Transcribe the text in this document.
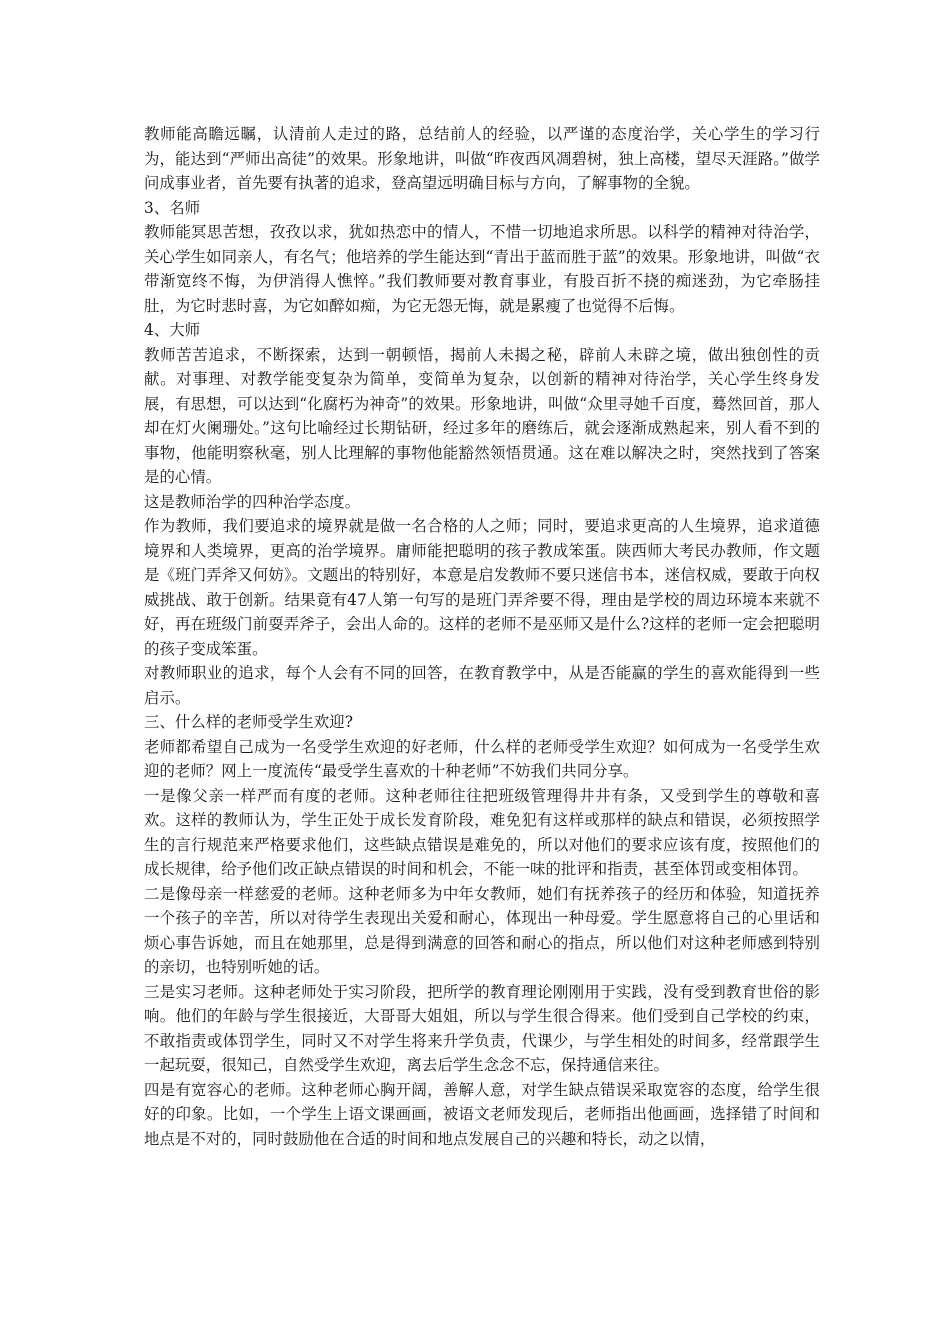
教师能高瞻远瞩，认清前人走过的路，总结前人的经验，以严谨的态度治学，关心学生的学习行为，能达到“严师出高徒”的效果。形象地讲，叫做“昨夜西风凋碧树，独上高楼，望尽天涯路。”做学问成事业者，首先要有执著的追求，登高望远明确目标与方向，了解事物的全貌。

3、名师

教师能冥思苦想，孜孜以求，犹如热恋中的情人，不惜一切地追求所思。以科学的精神对待治学，关心学生如同亲人，有名气；他培养的学生能达到“青出于蓝而胜于蓝”的效果。形象地讲，叫做“衣带渐宽终不悔，为伊消得人憔悴。”我们教师要对教育事业，有股百折不挠的痴迷劲，为它牵肠挂肚，为它时悲时喜，为它如醉如痴，为它无怨无悔，就是累瘦了也觉得不后悔。

4、大师

教师苦苦追求，不断探索，达到一朝顿悟，揭前人未揭之秘，辟前人未辟之境，做出独创性的贡献。对事理、对教学能变复杂为简单，变简单为复杂，以创新的精神对待治学，关心学生终身发展，有思想，可以达到“化腐朽为神奇”的效果。形象地讲，叫做“众里寻她千百度，蓦然回首，那人却在灯火阑珊处。”这句比喻经过长期钻研，经过多年的磨练后，就会逐渐成熟起来，别人看不到的事物，他能明察秋毫，别人比理解的事物他能豁然领悟贯通。这在难以解决之时，突然找到了答案是的心情。

这是教师治学的四种治学态度。

作为教师，我们要追求的境界就是做一名合格的人之师；同时，要追求更高的人生境界，追求道德境界和人类境界，更高的治学境界。庸师能把聪明的孩子教成笨蛋。陕西师大考民办教师，作文题是《班门弄斧又何妨》。文题出的特别好，本意是启发教师不要只迷信书本，迷信权威，要敢于向权威挑战、敢于创新。结果竟有47人第一句写的是班门弄斧要不得，理由是学校的周边环境本来就不好，再在班级门前耍弄斧子，会出人命的。这样的老师不是巫师又是什么?这样的老师一定会把聪明的孩子变成笨蛋。

对教师职业的追求，每个人会有不同的回答，在教育教学中，从是否能赢的学生的喜欢能得到一些启示。

三、什么样的老师受学生欢迎?

老师都希望自己成为一名受学生欢迎的好老师，什么样的老师受学生欢迎？如何成为一名受学生欢迎的老师？网上一度流传“最受学生喜欢的十种老师”不妨我们共同分享。

一是像父亲一样严而有度的老师。这种老师往往把班级管理得井井有条，又受到学生的尊敬和喜欢。这样的教师认为，学生正处于成长发育阶段，难免犯有这样或那样的缺点和错误，必须按照学生的言行规范来严格要求他们，这些缺点错误是难免的，所以对他们的要求应该有度，按照他们的成长规律，给予他们改正缺点错误的时间和机会，不能一味的批评和指责，甚至体罚或变相体罚。

二是像母亲一样慈爱的老师。这种老师多为中年女教师，她们有抚养孩子的经历和体验，知道抚养一个孩子的辛苦，所以对待学生表现出关爱和耐心，体现出一种母爱。学生愿意将自己的心里话和烦心事告诉她，而且在她那里，总是得到满意的回答和耐心的指点，所以他们对这种老师感到特别的亲切，也特别听她的话。

三是实习老师。这种老师处于实习阶段，把所学的教育理论刚刚用于实践，没有受到教育世俗的影响。他们的年龄与学生很接近，大哥哥大姐姐，所以与学生很合得来。他们受到自己学校的约束，不敢指责或体罚学生，同时又不对学生将来升学负责，代课少，与学生相处的时间多，经常跟学生一起玩耍，很知己，自然受学生欢迎，离去后学生念念不忘，保持通信来往。

四是有宽容心的老师。这种老师心胸开阔，善解人意，对学生缺点错误采取宽容的态度，给学生很好的印象。比如，一个学生上语文课画画，被语文老师发现后，老师指出他画画，选择错了时间和地点是不对的，同时鼓励他在合适的时间和地点发展自己的兴趣和特长，动之以情，
